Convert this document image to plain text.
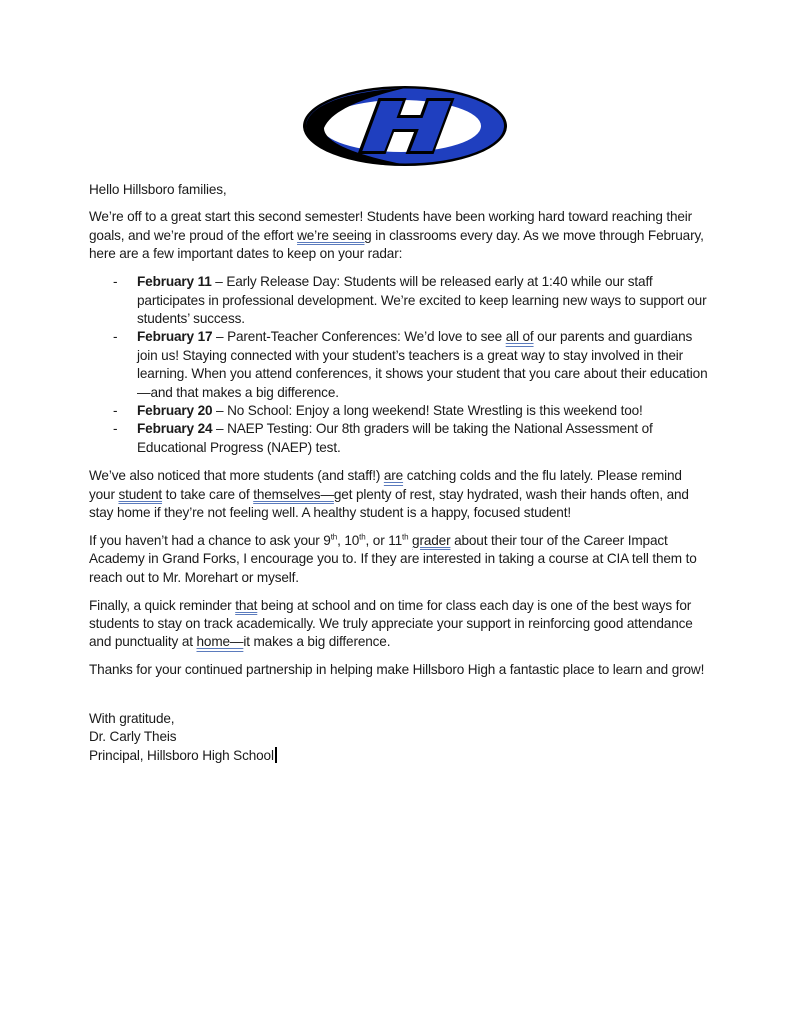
Hello Hillsboro families,

We’re off to a great start this second semester! Students have been working hard toward reaching their goals, and we’re proud of the effort we’re seeing in classrooms every day. As we move through February, here are a few important dates to keep on your radar:

- February 11 – Early Release Day: Students will be released early at 1:40 while our staff participates in professional development. We’re excited to keep learning new ways to support our students’ success.
- February 17 – Parent-Teacher Conferences: We’d love to see all of our parents and guardians join us! Staying connected with your student’s teachers is a great way to stay involved in their learning. When you attend conferences, it shows your student that you care about their education—and that makes a big difference.
- February 20 – No School: Enjoy a long weekend! State Wrestling is this weekend too!
- February 24 – NAEP Testing: Our 8th graders will be taking the National Assessment of Educational Progress (NAEP) test.

We’ve also noticed that more students (and staff!) are catching colds and the flu lately. Please remind your student to take care of themselves—get plenty of rest, stay hydrated, wash their hands often, and stay home if they’re not feeling well. A healthy student is a happy, focused student!

If you haven’t had a chance to ask your 9th, 10th, or 11th grader about their tour of the Career Impact Academy in Grand Forks, I encourage you to. If they are interested in taking a course at CIA tell them to reach out to Mr. Morehart or myself.

Finally, a quick reminder that being at school and on time for class each day is one of the best ways for students to stay on track academically. We truly appreciate your support in reinforcing good attendance and punctuality at home—it makes a big difference.

Thanks for your continued partnership in helping make Hillsboro High a fantastic place to learn and grow!

With gratitude,

Dr. Carly Theis

Principal, Hillsboro High School
